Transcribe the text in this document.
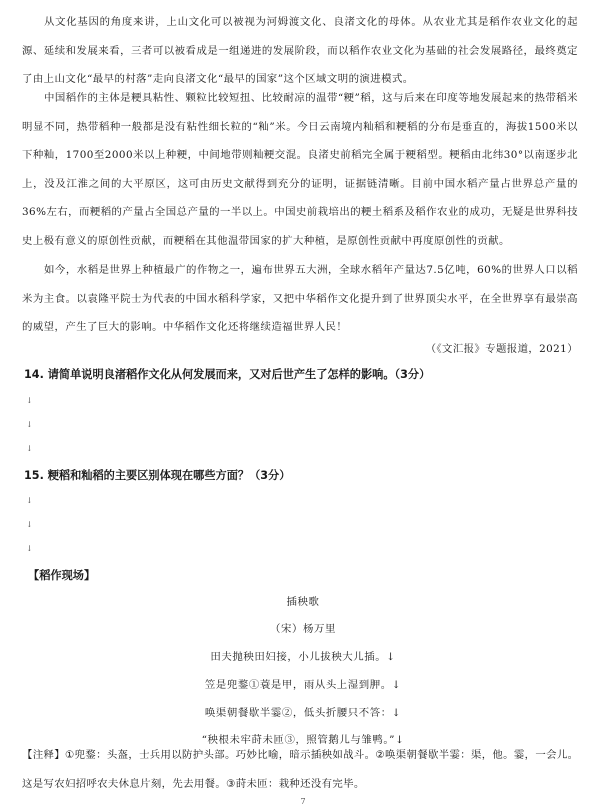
从文化基因的角度来讲，上山文化可以被视为河姆渡文化、良渚文化的母体。从农业尤其是稻作农业文化的起源、延续和发展来看，三者可以被看成是一组递进的发展阶段，而以稻作农业文化为基础的社会发展路径，最终奠定了由上山文化“最早的村落”走向良渚文化“最早的国家”这个区域文明的演进模式。

中国稻作的主体是粳具粘性、颗粒比较短扭、比较耐凉的温带“粳”稻，这与后来在印度等地发展起来的热带稻米明显不同，热带稻种一般都是没有粘性细长粒的“籼”米。今日云南境内籼稻和粳稻的分布是垂直的，海拔1500米以下种籼，1700至2000米以上种粳，中间地带则籼粳交混。良渚史前稻完全属于粳稻型。粳稻由北纬30°以南逐步北上，没及江淮之间的大平原区，这可由历史文献得到充分的证明，证据链清晰。目前中国水稻产量占世界总产量的36%左右，而粳稻的产量占全国总产量的一半以上。中国史前栽培出的粳土稻系及稻作农业的成功，无疑是世界科技史上极有意义的原创性贡献，而粳稻在其他温带国家的扩大种植，是原创性贡献中再度原创性的贡献。

如今，水稻是世界上种植最广的作物之一，遍布世界五大洲，全球水稻年产量达7.5亿吨，60%的世界人口以稻米为主食。以袁隆平院士为代表的中国水稻科学家，又把中华稻作文化提升到了世界顶尖水平，在全世界享有最崇高的威望，产生了巨大的影响。中华稻作文化还将继续造福世界人民！

（《文汇报》专题报道，2021）
14. 请简单说明良渚稻作文化从何发展而来，又对后世产生了怎样的影响。（3分）
↓
↓
↓
15. 粳稻和籼稻的主要区别体现在哪些方面？（3分）
↓
↓
↓
【稻作现场】
插秧歌
（宋）杨万里
田夫抛秧田妇接，小儿拔秧大儿插。↓
笠是兜鍪①蓑是甲，雨从头上湿到胛。↓
唤渠朝餐歇半霎②，低头折腰只不答：↓
“秧根未牢莳未匝③，照管鹅儿与雏鸭。”↓

【注释】①兜鍪：头盔，士兵用以防护头部。巧妙比喻，暗示插秧如战斗。②唤渠朝餐歇半霎：渠，他。霎，一会儿。这是写农妇招呼农夫休息片刻，先去用餐。③莳未匝：栽种还没有完毕。

7
